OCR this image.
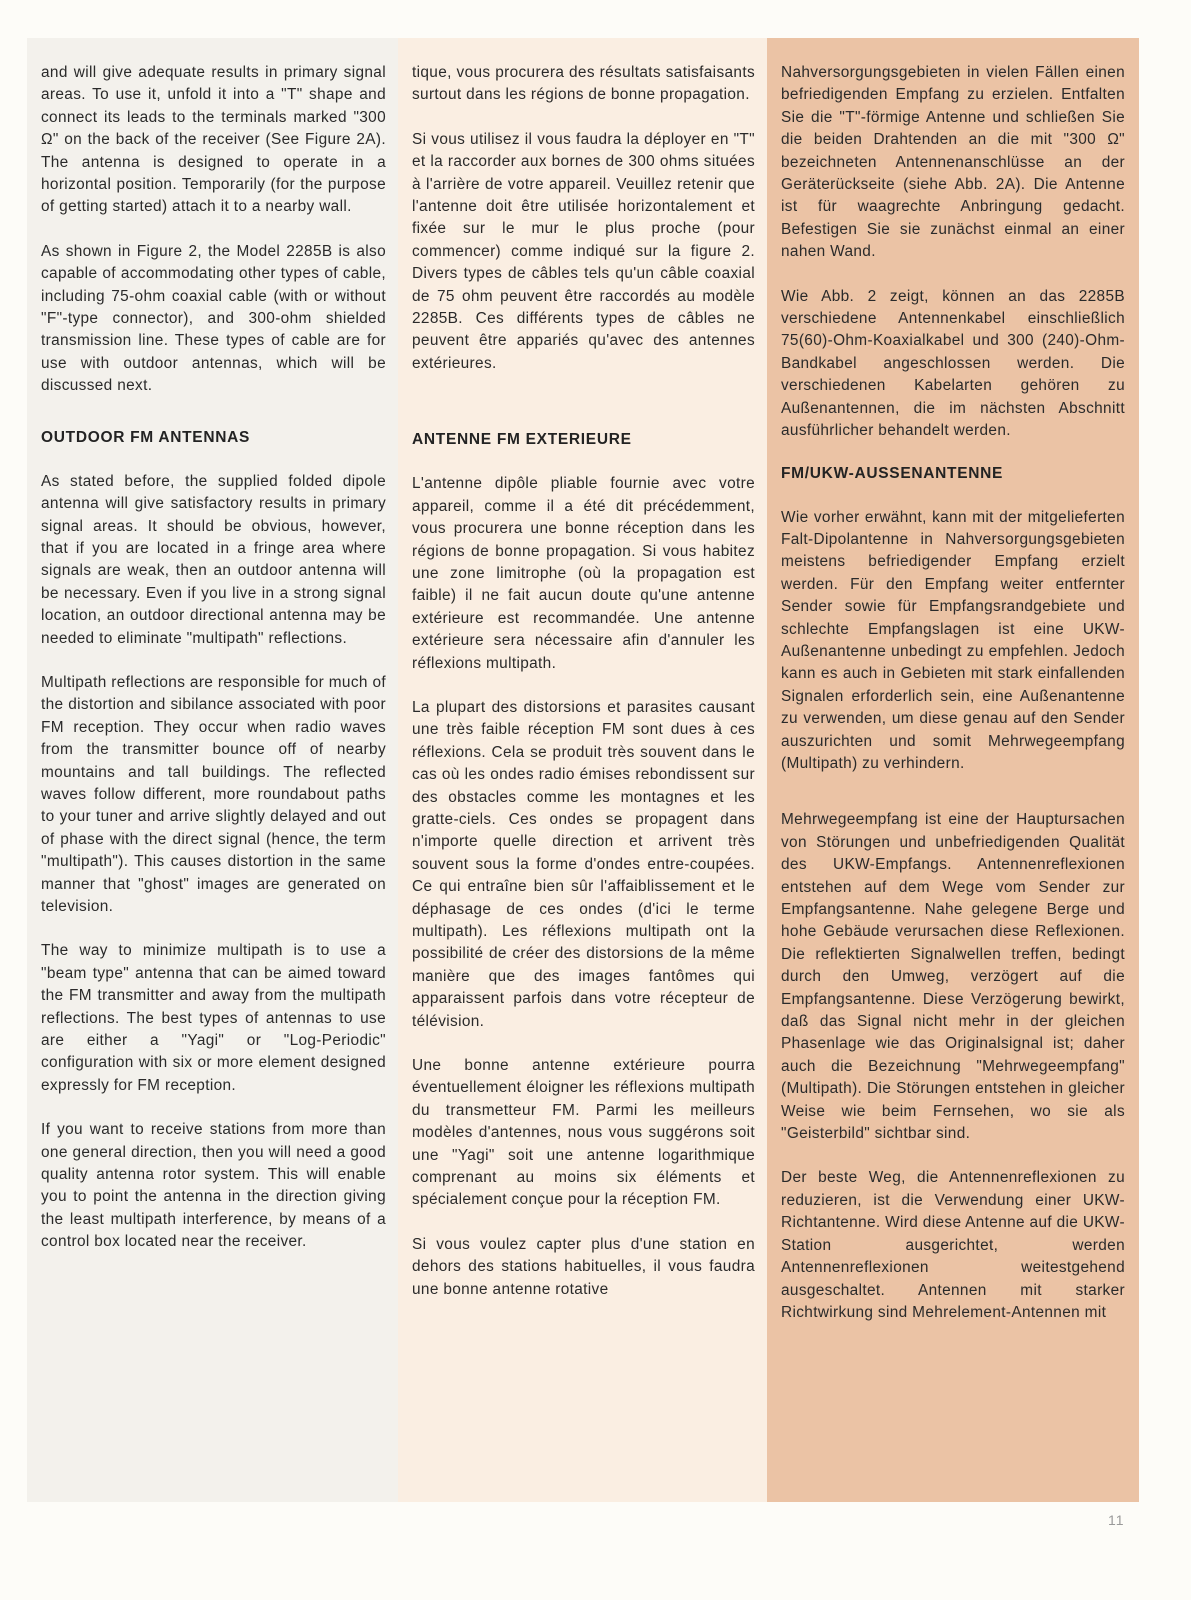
and will give adequate results in primary signal areas. To use it, unfold it into a "T" shape and connect its leads to the terminals marked "300 Ω" on the back of the receiver (See Figure 2A). The antenna is designed to operate in a horizontal position. Temporarily (for the purpose of getting started) attach it to a nearby wall.

As shown in Figure 2, the Model 2285B is also capable of accommodating other types of cable, including 75-ohm coaxial cable (with or without "F"-type connector), and 300-ohm shielded transmission line. These types of cable are for use with outdoor antennas, which will be discussed next.

OUTDOOR FM ANTENNAS

As stated before, the supplied folded dipole antenna will give satisfactory results in primary signal areas. It should be obvious, however, that if you are located in a fringe area where signals are weak, then an outdoor antenna will be necessary. Even if you live in a strong signal location, an outdoor directional antenna may be needed to eliminate "multipath" reflections.

Multipath reflections are responsible for much of the distortion and sibilance associated with poor FM reception. They occur when radio waves from the transmitter bounce off of nearby mountains and tall buildings. The reflected waves follow different, more roundabout paths to your tuner and arrive slightly delayed and out of phase with the direct signal (hence, the term "multipath"). This causes distortion in the same manner that "ghost" images are generated on television.

The way to minimize multipath is to use a "beam type" antenna that can be aimed toward the FM transmitter and away from the multipath reflections. The best types of antennas to use are either a "Yagi" or "Log-Periodic" configuration with six or more element designed expressly for FM reception.

If you want to receive stations from more than one general direction, then you will need a good quality antenna rotor system. This will enable you to point the antenna in the direction giving the least multipath interference, by means of a control box located near the receiver.

tique, vous procurera des résultats satisfaisants surtout dans les régions de bonne propagation.

Si vous utilisez il vous faudra la déployer en "T" et la raccorder aux bornes de 300 ohms situées à l'arrière de votre appareil. Veuillez retenir que l'antenne doit être utilisée horizontalement et fixée sur le mur le plus proche (pour commencer) comme indiqué sur la figure 2. Divers types de câbles tels qu'un câble coaxial de 75 ohm peuvent être raccordés au modèle 2285B. Ces différents types de câbles ne peuvent être appariés qu'avec des antennes extérieures.

ANTENNE FM EXTERIEURE

L'antenne dipôle pliable fournie avec votre appareil, comme il a été dit précédemment, vous procurera une bonne réception dans les régions de bonne propagation. Si vous habitez une zone limitrophe (où la propagation est faible) il ne fait aucun doute qu'une antenne extérieure est recommandée. Une antenne extérieure sera nécessaire afin d'annuler les réflexions multipath.

La plupart des distorsions et parasites causant une très faible réception FM sont dues à ces réflexions. Cela se produit très souvent dans le cas où les ondes radio émises rebondissent sur des obstacles comme les montagnes et les gratte-ciels. Ces ondes se propagent dans n'importe quelle direction et arrivent très souvent sous la forme d'ondes entre-coupées. Ce qui entraîne bien sûr l'affaiblissement et le déphasage de ces ondes (d'ici le terme multipath). Les réflexions multipath ont la possibilité de créer des distorsions de la même manière que des images fantômes qui apparaissent parfois dans votre récepteur de télévision.

Une bonne antenne extérieure pourra éventuellement éloigner les réflexions multipath du transmetteur FM. Parmi les meilleurs modèles d'antennes, nous vous suggérons soit une "Yagi" soit une antenne logarithmique comprenant au moins six éléments et spécialement conçue pour la réception FM.

Si vous voulez capter plus d'une station en dehors des stations habituelles, il vous faudra une bonne antenne rotative

Nahversorgungsgebieten in vielen Fällen einen befriedigenden Empfang zu erzielen. Entfalten Sie die "T"-förmige Antenne und schließen Sie die beiden Drahtenden an die mit "300 Ω" bezeichneten Antennenanschlüsse an der Geräterückseite (siehe Abb. 2A). Die Antenne ist für waagrechte Anbringung gedacht. Befestigen Sie sie zunächst einmal an einer nahen Wand.

Wie Abb. 2 zeigt, können an das 2285B verschiedene Antennenkabel einschließlich 75(60)-Ohm-Koaxialkabel und 300 (240)-Ohm-Bandkabel angeschlossen werden. Die verschiedenen Kabelarten gehören zu Außenantennen, die im nächsten Abschnitt ausführlicher behandelt werden.

FM/UKW-AUSSENANTENNE

Wie vorher erwähnt, kann mit der mitgelieferten Falt-Dipolantenne in Nahversorgungsgebieten meistens befriedigender Empfang erzielt werden. Für den Empfang weiter entfernter Sender sowie für Empfangsrandgebiete und schlechte Empfangslagen ist eine UKW-Außenantenne unbedingt zu empfehlen. Jedoch kann es auch in Gebieten mit stark einfallenden Signalen erforderlich sein, eine Außenantenne zu verwenden, um diese genau auf den Sender auszurichten und somit Mehrwegeempfang (Multipath) zu verhindern.

Mehrwegeempfang ist eine der Hauptursachen von Störungen und unbefriedigenden Qualität des UKW-Empfangs. Antennenreflexionen entstehen auf dem Wege vom Sender zur Empfangsantenne. Nahe gelegene Berge und hohe Gebäude verursachen diese Reflexionen. Die reflektierten Signalwellen treffen, bedingt durch den Umweg, verzögert auf die Empfangsantenne. Diese Verzögerung bewirkt, daß das Signal nicht mehr in der gleichen Phasenlage wie das Originalsignal ist; daher auch die Bezeichnung "Mehrwegeempfang" (Multipath). Die Störungen entstehen in gleicher Weise wie beim Fernsehen, wo sie als "Geisterbild" sichtbar sind.

Der beste Weg, die Antennenreflexionen zu reduzieren, ist die Verwendung einer UKW-Richtantenne. Wird diese Antenne auf die UKW-Station ausgerichtet, werden Antennenreflexionen weitestgehend ausgeschaltet. Antennen mit starker Richtwirkung sind Mehrelement-Antennen mit

11
